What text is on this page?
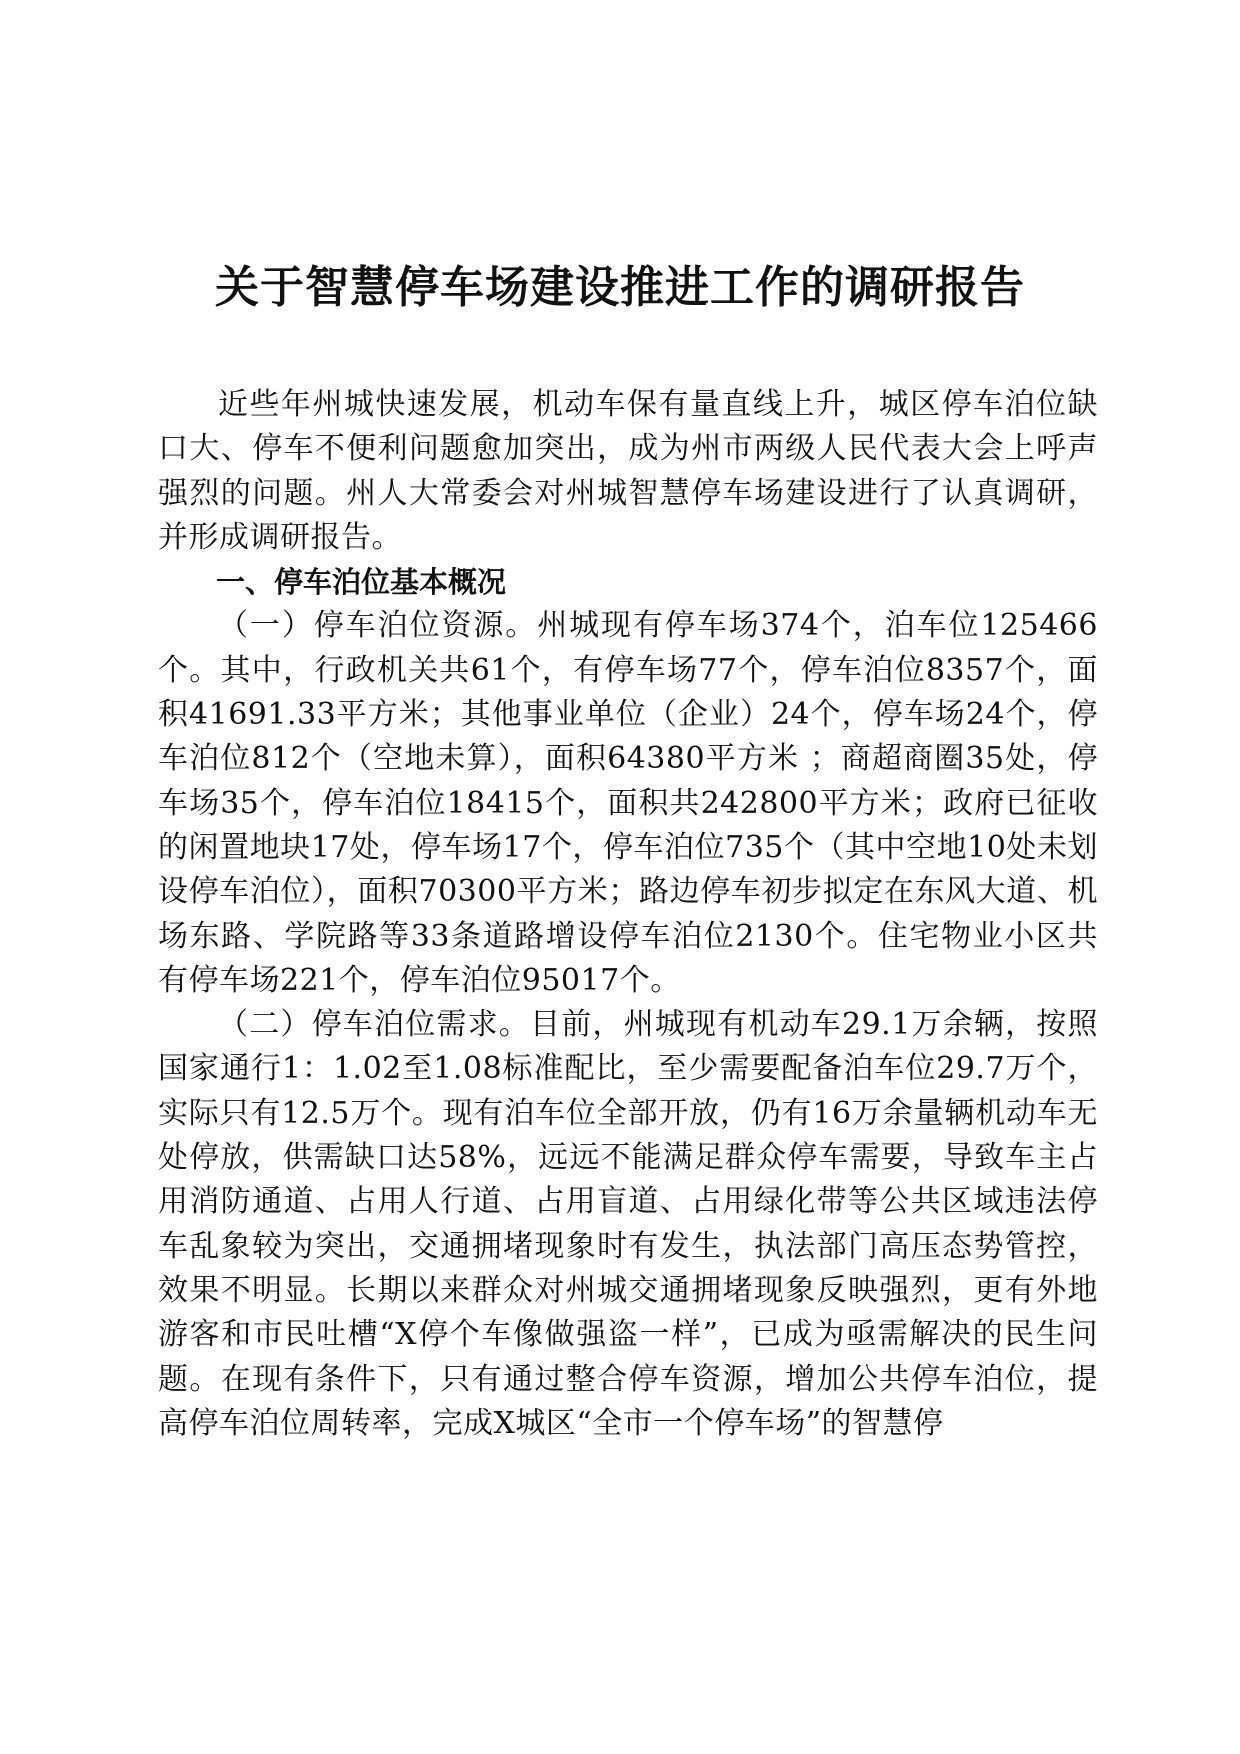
关于智慧停车场建设推进工作的调研报告

近些年州城快速发展，机动车保有量直线上升，城区停车泊位缺口大、停车不便利问题愈加突出，成为州市两级人民代表大会上呼声强烈的问题。州人大常委会对州城智慧停车场建设进行了认真调研，并形成调研报告。

一、停车泊位基本概况

（一）停车泊位资源。州城现有停车场374个，泊车位125466个。其中，行政机关共61个，有停车场77个，停车泊位8357个，面积41691.33平方米；其他事业单位（企业）24个，停车场24个，停车泊位812个（空地未算），面积64380平方米 ；商超商圈35处，停车场35个，停车泊位18415个，面积共242800平方米；政府已征收的闲置地块17处，停车场17个，停车泊位735个（其中空地10处未划设停车泊位），面积70300平方米；路边停车初步拟定在东风大道、机场东路、学院路等33条道路增设停车泊位2130个。住宅物业小区共有停车场221个，停车泊位95017个。

（二）停车泊位需求。目前，州城现有机动车29.1万余辆，按照国家通行1：1.02至1.08标准配比，至少需要配备泊车位29.7万个，实际只有12.5万个。现有泊车位全部开放，仍有16万余量辆机动车无处停放，供需缺口达58%，远远不能满足群众停车需要，导致车主占用消防通道、占用人行道、占用盲道、占用绿化带等公共区域违法停车乱象较为突出，交通拥堵现象时有发生，执法部门高压态势管控，效果不明显。长期以来群众对州城交通拥堵现象反映强烈，更有外地游客和市民吐槽“X停个车像做强盗一样”，已成为亟需解决的民生问题。在现有条件下，只有通过整合停车资源，增加公共停车泊位，提高停车泊位周转率，完成X城区“全市一个停车场”的智慧停
